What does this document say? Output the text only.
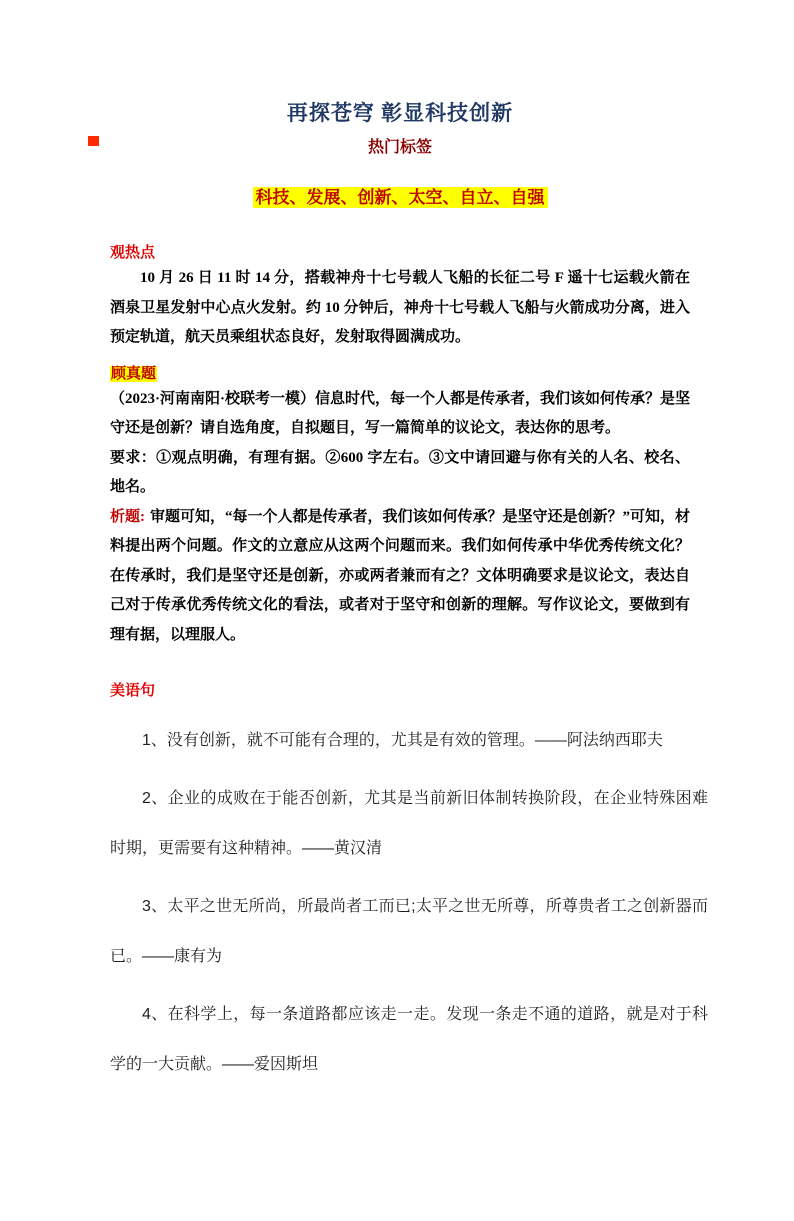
再探苍穹 彰显科技创新
热门标签

科技、发展、创新、太空、自立、自强

观热点

10 月 26 日 11 时 14 分，搭载神舟十七号载人飞船的长征二号 F 遥十七运载火箭在酒泉卫星发射中心点火发射。约 10 分钟后，神舟十七号载人飞船与火箭成功分离，进入预定轨道，航天员乘组状态良好，发射取得圆满成功。

顾真题

（2023·河南南阳·校联考一模）信息时代，每一个人都是传承者，我们该如何传承？是坚守还是创新？请自选角度，自拟题目，写一篇简单的议论文，表达你的思考。
要求：①观点明确，有理有据。②600 字左右。③文中请回避与你有关的人名、校名、地名。

析题: 审题可知，“每一个人都是传承者，我们该如何传承？是坚守还是创新？”可知，材料提出两个问题。作文的立意应从这两个问题而来。我们如何传承中华优秀传统文化？在传承时，我们是坚守还是创新，亦或两者兼而有之？文体明确要求是议论文，表达自己对于传承优秀传统文化的看法，或者对于坚守和创新的理解。写作议论文，要做到有理有据，以理服人。

美语句

1、没有创新，就不可能有合理的，尤其是有效的管理。——阿法纳西耶夫

2、企业的成败在于能否创新，尤其是当前新旧体制转换阶段，在企业特殊困难时期，更需要有这种精神。——黄汉清

3、太平之世无所尚，所最尚者工而已;太平之世无所尊，所尊贵者工之创新器而已。——康有为

4、在科学上，每一条道路都应该走一走。发现一条走不通的道路，就是对于科学的一大贡献。——爱因斯坦
